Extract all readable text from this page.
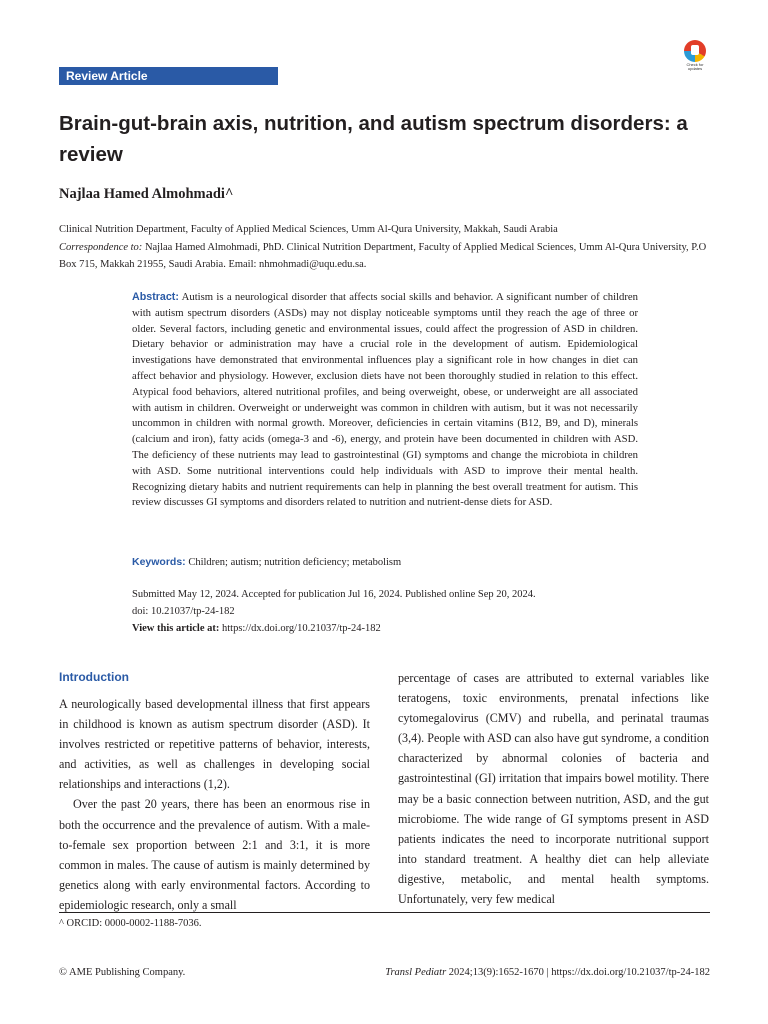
Review Article
Check for updates
Brain-gut-brain axis, nutrition, and autism spectrum disorders: a review
Najlaa Hamed Almohmadi^
Clinical Nutrition Department, Faculty of Applied Medical Sciences, Umm Al-Qura University, Makkah, Saudi Arabia
Correspondence to: Najlaa Hamed Almohmadi, PhD. Clinical Nutrition Department, Faculty of Applied Medical Sciences, Umm Al-Qura University, P.O Box 715, Makkah 21955, Saudi Arabia. Email: nhmohmadi@uqu.edu.sa.
Abstract: Autism is a neurological disorder that affects social skills and behavior. A significant number of children with autism spectrum disorders (ASDs) may not display noticeable symptoms until they reach the age of three or older. Several factors, including genetic and environmental issues, could affect the progression of ASD in children. Dietary behavior or administration may have a crucial role in the development of autism. Epidemiological investigations have demonstrated that environmental influences play a significant role in how changes in diet can affect behavior and physiology. However, exclusion diets have not been thoroughly studied in relation to this effect. Atypical food behaviors, altered nutritional profiles, and being overweight, obese, or underweight are all associated with autism in children. Overweight or underweight was common in children with autism, but it was not necessarily uncommon in children with normal growth. Moreover, deficiencies in certain vitamins (B12, B9, and D), minerals (calcium and iron), fatty acids (omega-3 and -6), energy, and protein have been documented in children with ASD. The deficiency of these nutrients may lead to gastrointestinal (GI) symptoms and change the microbiota in children with ASD. Some nutritional interventions could help individuals with ASD to improve their mental health. Recognizing dietary habits and nutrient requirements can help in planning the best overall treatment for autism. This review discusses GI symptoms and disorders related to nutrition and nutrient-dense diets for ASD.
Keywords: Children; autism; nutrition deficiency; metabolism
Submitted May 12, 2024. Accepted for publication Jul 16, 2024. Published online Sep 20, 2024.
doi: 10.21037/tp-24-182
View this article at: https://dx.doi.org/10.21037/tp-24-182
Introduction

A neurologically based developmental illness that first appears in childhood is known as autism spectrum disorder (ASD). It involves restricted or repetitive patterns of behavior, interests, and activities, as well as challenges in developing social relationships and interactions (1,2).

Over the past 20 years, there has been an enormous rise in both the occurrence and the prevalence of autism. With a male-to-female sex proportion between 2:1 and 3:1, it is more common in males. The cause of autism is mainly determined by genetics along with early environmental factors. According to epidemiologic research, only a small

percentage of cases are attributed to external variables like teratogens, toxic environments, prenatal infections like cytomegalovirus (CMV) and rubella, and perinatal traumas (3,4). People with ASD can also have gut syndrome, a condition characterized by abnormal colonies of bacteria and gastrointestinal (GI) irritation that impairs bowel motility. There may be a basic connection between nutrition, ASD, and the gut microbiome. The wide range of GI symptoms present in ASD patients indicates the need to incorporate nutritional support into standard treatment. A healthy diet can help alleviate digestive, metabolic, and mental health symptoms. Unfortunately, very few medical

^ ORCID: 0000-0002-1188-7036.
© AME Publishing Company.	Transl Pediatr 2024;13(9):1652-1670 | https://dx.doi.org/10.21037/tp-24-182
